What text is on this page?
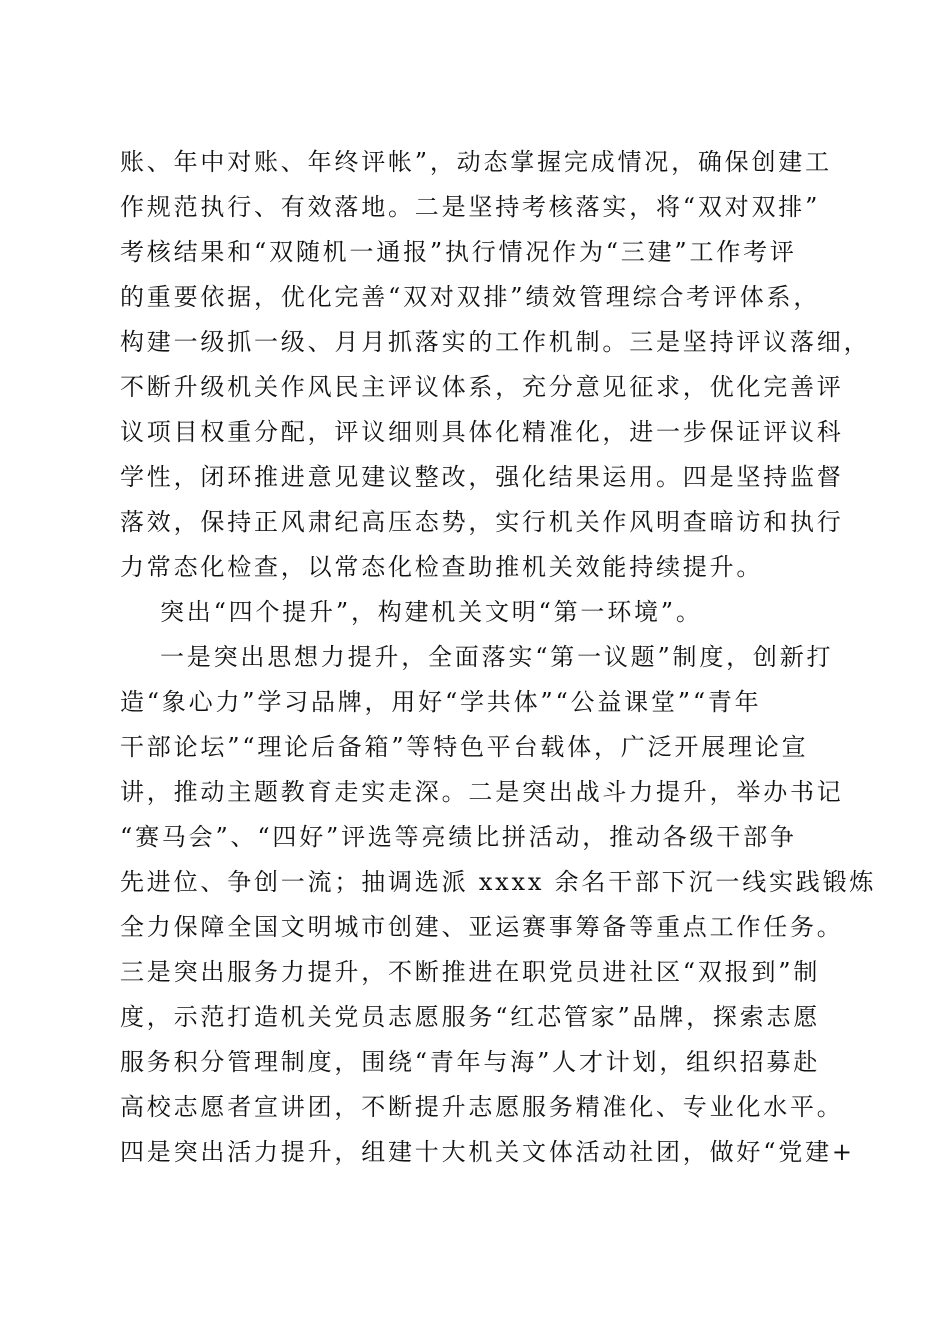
账、年中对账、年终评帐”，动态掌握完成情况，确保创建工
作规范执行、有效落地。二是坚持考核落实，将“双对双排”
考核结果和“双随机一通报”执行情况作为“三建”工作考评
的重要依据，优化完善“双对双排”绩效管理综合考评体系，
构建一级抓一级、月月抓落实的工作机制。三是坚持评议落细，
不断升级机关作风民主评议体系，充分意见征求，优化完善评
议项目权重分配，评议细则具体化精准化，进一步保证评议科
学性，闭环推进意见建议整改，强化结果运用。四是坚持监督
落效，保持正风肃纪高压态势，实行机关作风明查暗访和执行
力常态化检查，以常态化检查助推机关效能持续提升。
突出“四个提升”，构建机关文明“第一环境”。
一是突出思想力提升，全面落实“第一议题”制度，创新打
造“象心力”学习品牌，用好“学共体”“公益课堂”“青年
干部论坛”“理论后备箱”等特色平台载体，广泛开展理论宣
讲，推动主题教育走实走深。二是突出战斗力提升，举办书记
“赛马会”、“四好”评选等亮绩比拼活动，推动各级干部争
先进位、争创一流；抽调选派 xxxx 余名干部下沉一线实践锻炼
全力保障全国文明城市创建、亚运赛事筹备等重点工作任务。
三是突出服务力提升，不断推进在职党员进社区“双报到”制
度，示范打造机关党员志愿服务“红芯管家”品牌，探索志愿
服务积分管理制度，围绕“青年与海”人才计划，组织招募赴
高校志愿者宣讲团，不断提升志愿服务精准化、专业化水平。
四是突出活力提升，组建十大机关文体活动社团，做好“党建+
